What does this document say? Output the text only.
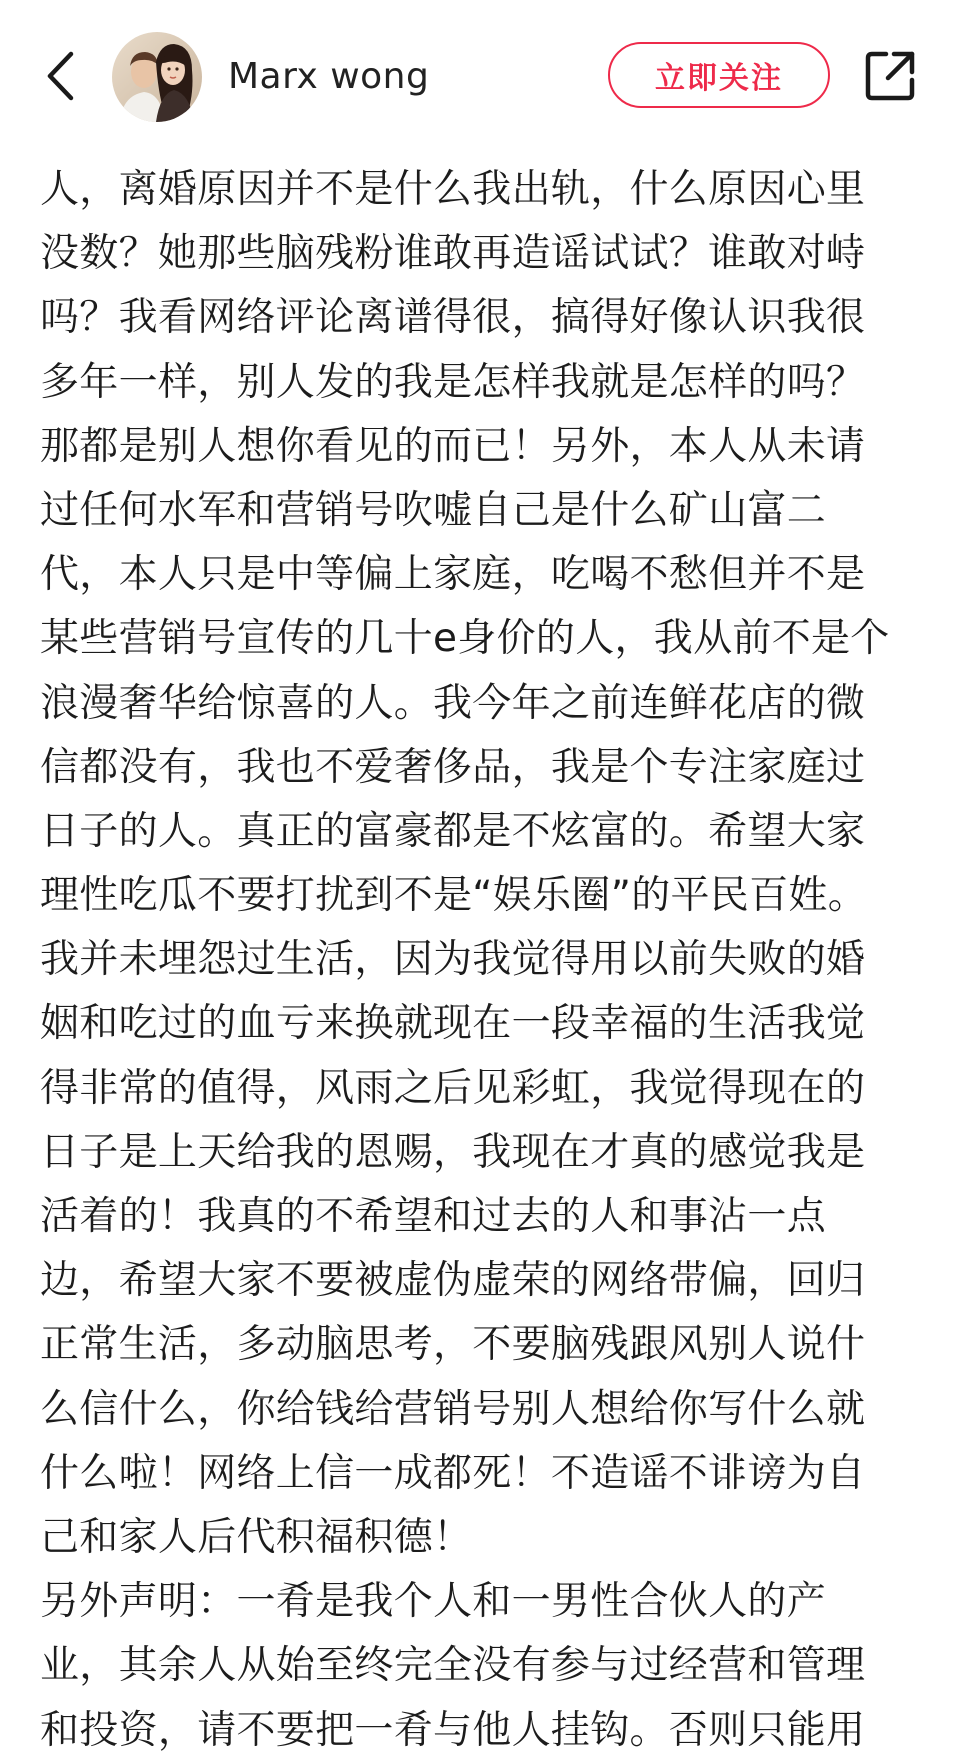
Marx wong	立即关注
人，离婚原因并不是什么我出轨，什么原因心里
没数？她那些脑残粉谁敢再造谣试试？谁敢对峙
吗？我看网络评论离谱得很，搞得好像认识我很
多年一样，别人发的我是怎样我就是怎样的吗？
那都是别人想你看见的而已！另外，本人从未请
过任何水军和营销号吹嘘自己是什么矿山富二
代，本人只是中等偏上家庭，吃喝不愁但并不是
某些营销号宣传的几十e身价的人，我从前不是个
浪漫奢华给惊喜的人。我今年之前连鲜花店的微
信都没有，我也不爱奢侈品，我是个专注家庭过
日子的人。真正的富豪都是不炫富的。希望大家
理性吃瓜不要打扰到不是“娱乐圈”的平民百姓。
我并未埋怨过生活，因为我觉得用以前失败的婚
姻和吃过的血亏来换就现在一段幸福的生活我觉
得非常的值得，风雨之后见彩虹，我觉得现在的
日子是上天给我的恩赐，我现在才真的感觉我是
活着的！我真的不希望和过去的人和事沾一点
边，希望大家不要被虚伪虚荣的网络带偏，回归
正常生活，多动脑思考，不要脑残跟风别人说什
么信什么，你给钱给营销号别人想给你写什么就
什么啦！网络上信一成都死！不造谣不诽谤为自
己和家人后代积福积德！
另外声明：一肴是我个人和一男性合伙人的产
业，其余人从始至终完全没有参与过经营和管理
和投资，请不要把一肴与他人挂钩。否则只能用
